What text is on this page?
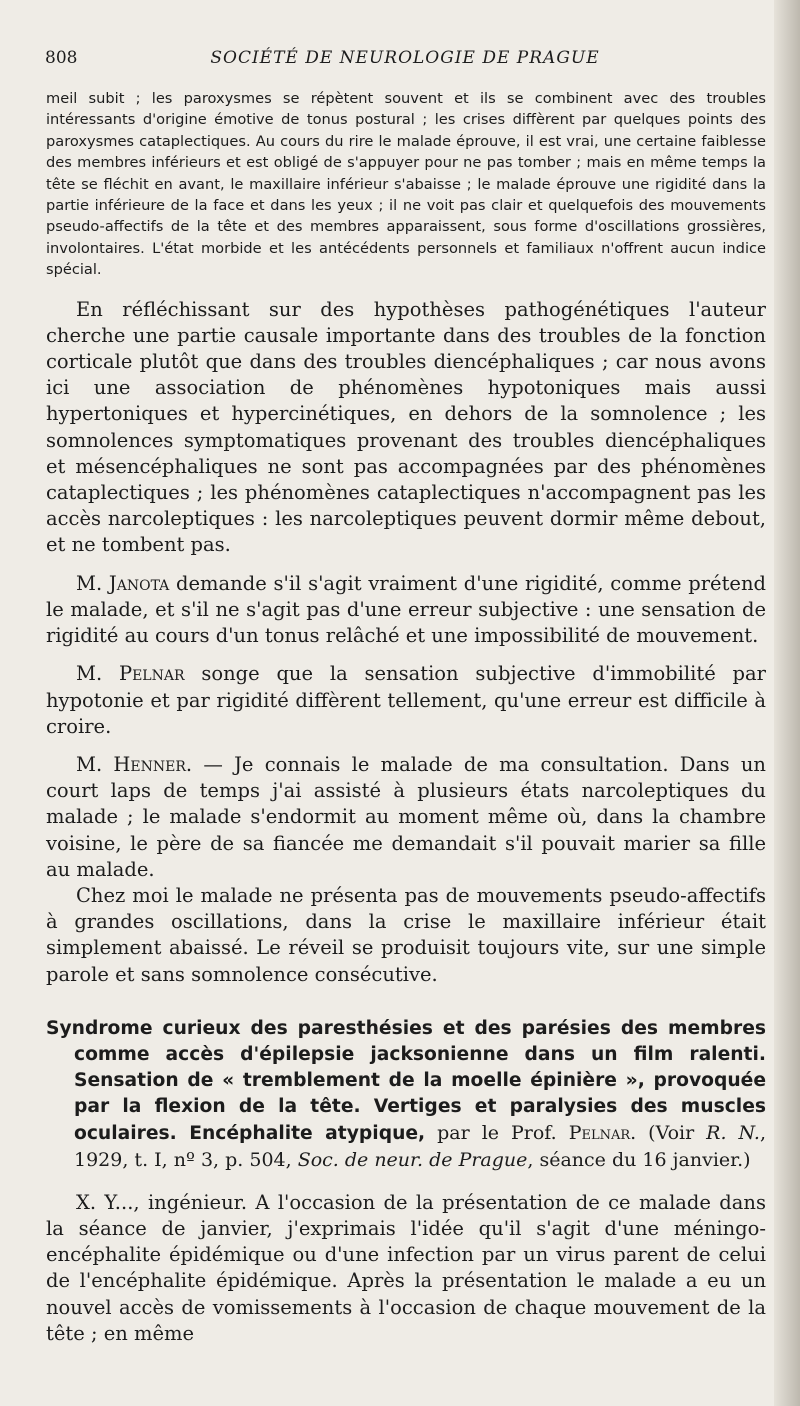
808	SOCIÉTÉ DE NEUROLOGIE DE PRAGUE

meil subit ; les paroxysmes se répètent souvent et ils se combinent avec des troubles intéressants d'origine émotive de tonus postural ; les crises diffèrent par quelques points des paroxysmes cataplectiques. Au cours du rire le malade éprouve, il est vrai, une certaine faiblesse des membres inférieurs et est obligé de s'appuyer pour ne pas tomber ; mais en même temps la tête se fléchit en avant, le maxillaire inférieur s'abaisse ; le malade éprouve une rigidité dans la partie inférieure de la face et dans les yeux ; il ne voit pas clair et quelquefois des mouvements pseudo-affectifs de la tête et des membres apparaissent, sous forme d'oscillations grossières, involontaires. L'état morbide et les antécédents personnels et familiaux n'offrent aucun indice spécial.

En réfléchissant sur des hypothèses pathogénétiques l'auteur cherche une partie causale importante dans des troubles de la fonction corticale plutôt que dans des troubles diencéphaliques ; car nous avons ici une association de phénomènes hypotoniques mais aussi hypertoniques et hypercinétiques, en dehors de la somnolence ; les somnolences symptomatiques provenant des troubles diencéphaliques et mésencéphaliques ne sont pas accompagnées par des phénomènes cataplectiques ; les phénomènes cataplectiques n'accompagnent pas les accès narcoleptiques : les narcoleptiques peuvent dormir même debout, et ne tombent pas.

M. Janota demande s'il s'agit vraiment d'une rigidité, comme prétend le malade, et s'il ne s'agit pas d'une erreur subjective : une sensation de rigidité au cours d'un tonus relâché et une impossibilité de mouvement.

M. Pelnar songe que la sensation subjective d'immobilité par hypotonie et par rigidité diffèrent tellement, qu'une erreur est difficile à croire.

M. Henner. — Je connais le malade de ma consultation. Dans un court laps de temps j'ai assisté à plusieurs états narcoleptiques du malade ; le malade s'endormit au moment même où, dans la chambre voisine, le père de sa fiancée me demandait s'il pouvait marier sa fille au malade.

Chez moi le malade ne présenta pas de mouvements pseudo-affectifs à grandes oscillations, dans la crise le maxillaire inférieur était simplement abaissé. Le réveil se produisit toujours vite, sur une simple parole et sans somnolence consécutive.

Syndrome curieux des paresthésies et des parésies des membres comme accès d'épilepsie jacksonienne dans un film ralenti. Sensation de « tremblement de la moelle épinière », provoquée par la flexion de la tête. Vertiges et paralysies des muscles oculaires. Encéphalite atypique, par le Prof. Pelnar. (Voir R. N., 1929, t. I, nº 3, p. 504, Soc. de neur. de Prague, séance du 16 janvier.)

X. Y..., ingénieur. A l'occasion de la présentation de ce malade dans la séance de janvier, j'exprimais l'idée qu'il s'agit d'une méningo-encéphalite épidémique ou d'une infection par un virus parent de celui de l'encéphalite épidémique. Après la présentation le malade a eu un nouvel accès de vomissements à l'occasion de chaque mouvement de la tête ; en même
